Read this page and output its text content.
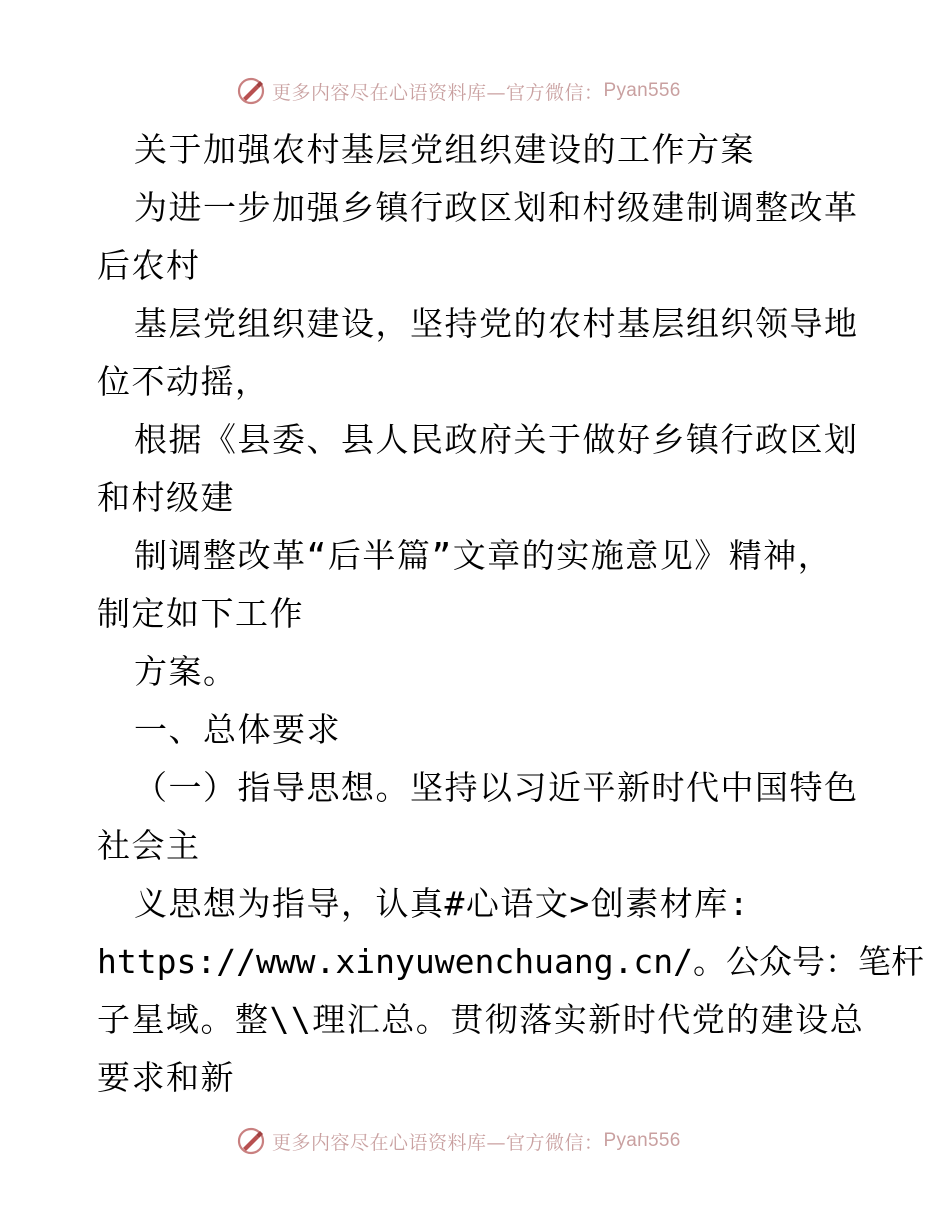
更多内容尽在心语资料库—官方微信： Pyan556
关于加强农村基层党组织建设的工作方案
为进一步加强乡镇行政区划和村级建制调整改革
后农村
基层党组织建设，坚持党的农村基层组织领导地
位不动摇，
根据《县委、县人民政府关于做好乡镇行政区划
和村级建
制调整改革“后半篇”文章的实施意见》精神，
制定如下工作
方案。
一、总体要求
（一）指导思想。坚持以习近平新时代中国特色
社会主
义思想为指导，认真#心语文>创素材库:
https://www.xinyuwenchuang.cn/。公众号：笔杆
子星域。整\\理汇总。贯彻落实新时代党的建设总
要求和新
更多内容尽在心语资料库—官方微信： Pyan556
